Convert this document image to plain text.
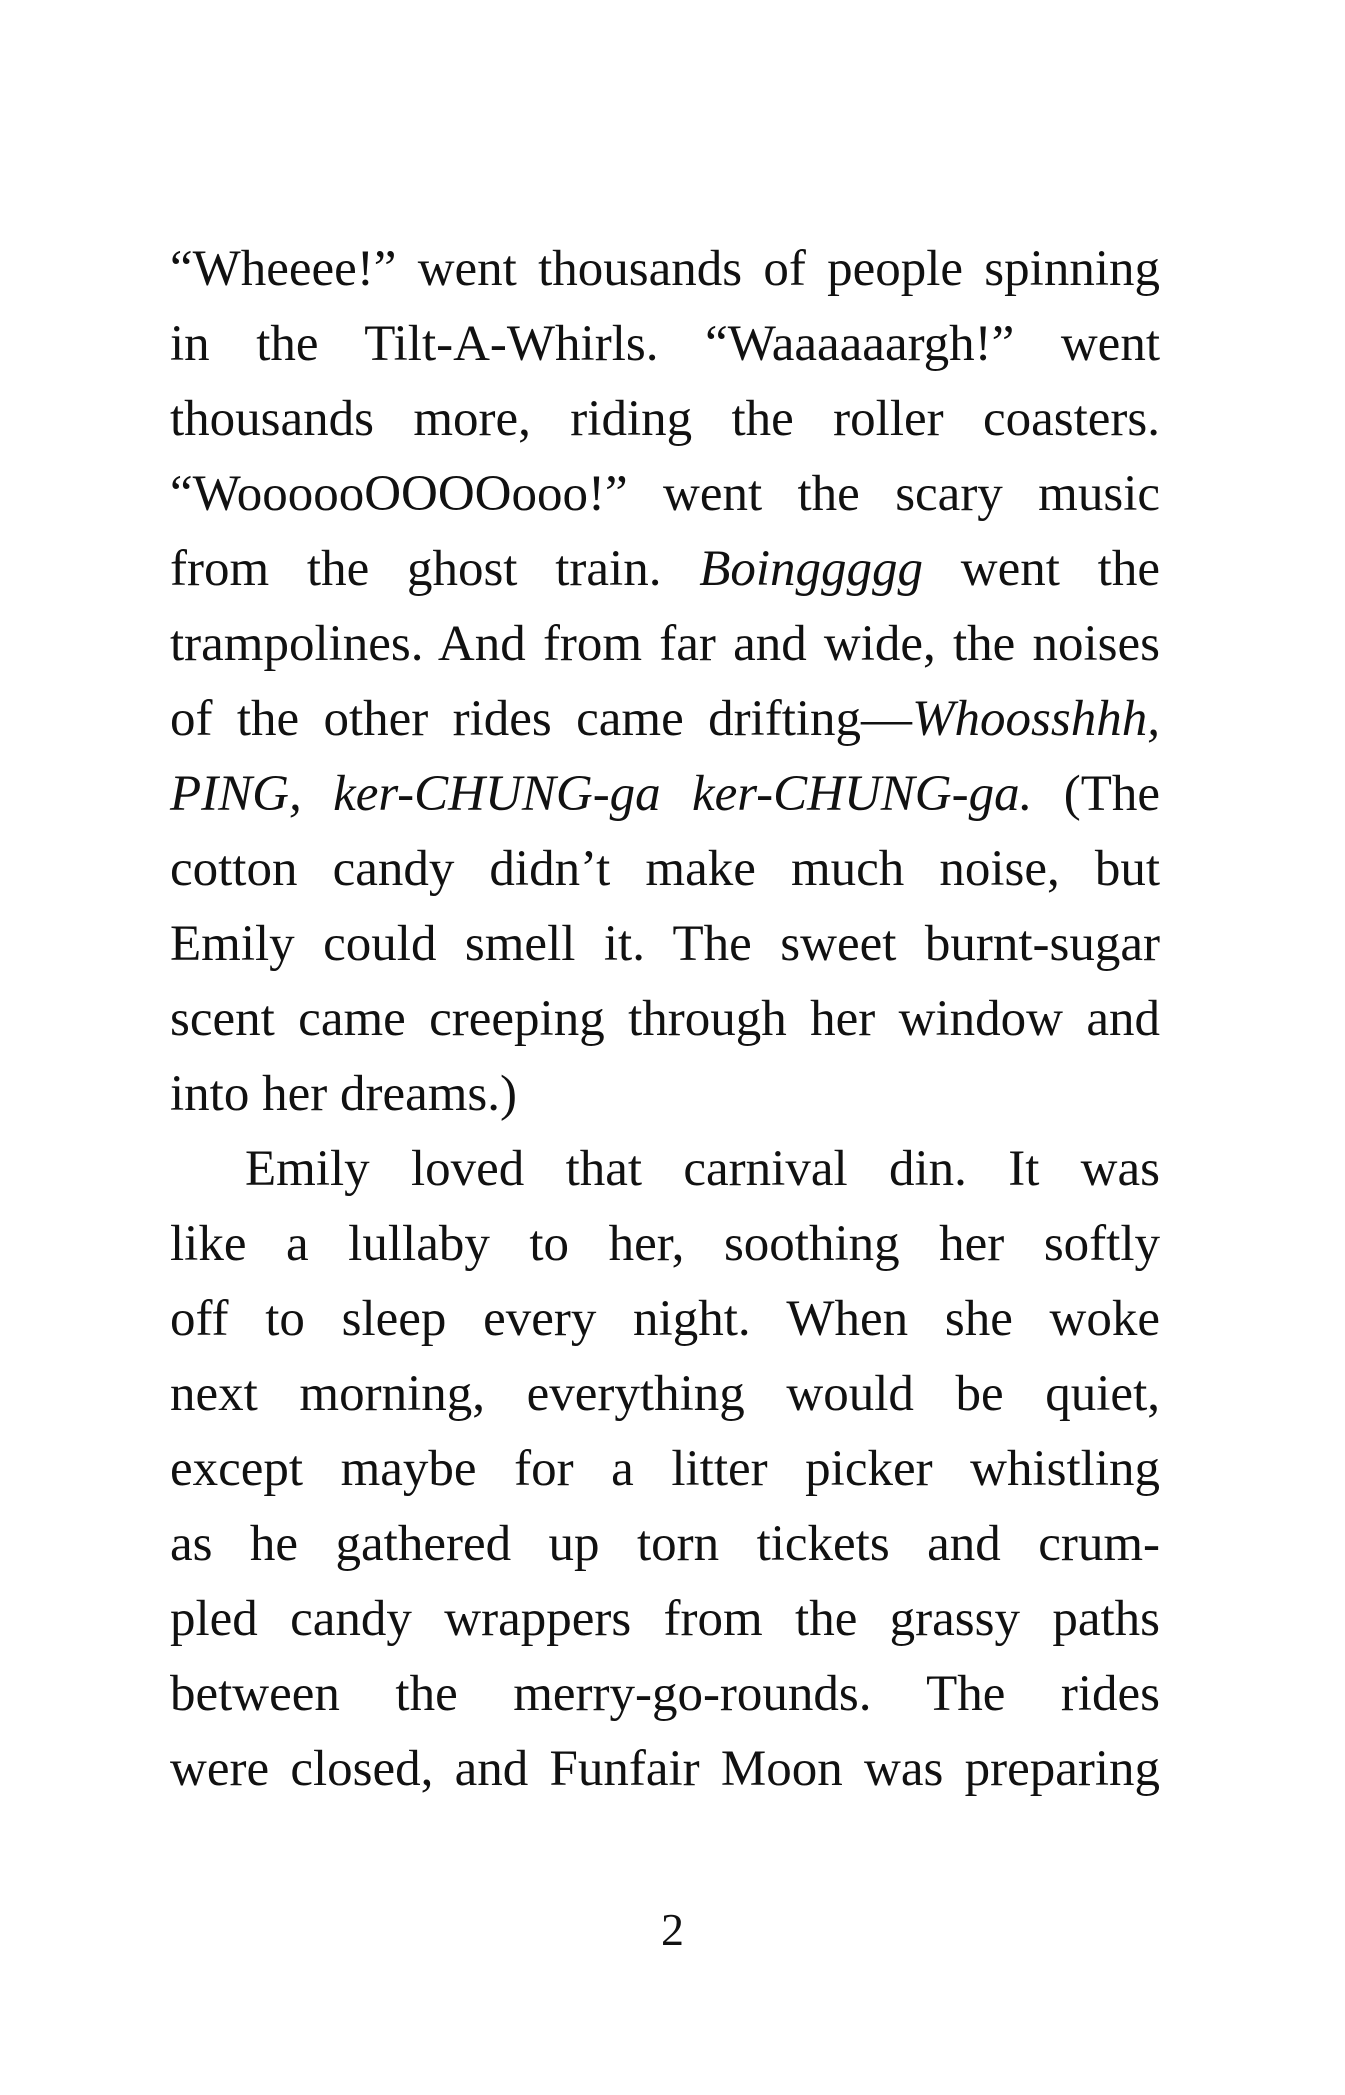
“Wheeee!” went thousands of people spinning
in the Tilt-A-Whirls. “Waaaaaargh!” went
thousands more, riding the roller coasters.
“WoooooOOOOooo!” went the scary music
from the ghost train. Boinggggg went the
trampolines. And from far and wide, the noises
of the other rides came drifting—Whoosshhh,
PING, ker-CHUNG-ga ker-CHUNG-ga. (The
cotton candy didn’t make much noise, but
Emily could smell it. The sweet burnt-sugar
scent came creeping through her window and
into her dreams.)

Emily loved that carnival din. It was
like a lullaby to her, soothing her softly
off to sleep every night. When she woke
next morning, everything would be quiet,
except maybe for a litter picker whistling
as he gathered up torn tickets and crum-
pled candy wrappers from the grassy paths
between the merry-go-rounds. The rides
were closed, and Funfair Moon was preparing

2
